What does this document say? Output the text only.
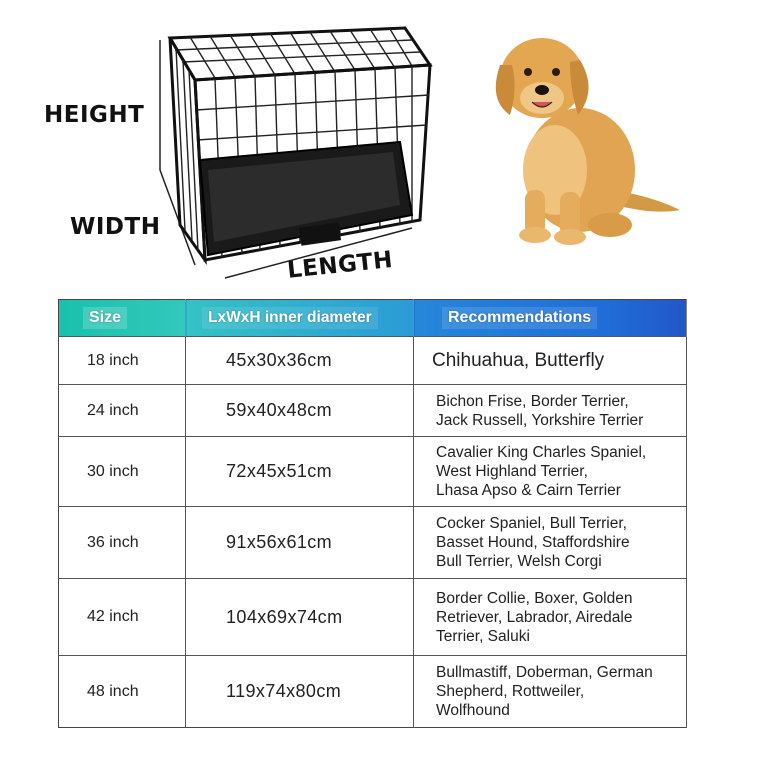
HEIGHT
WIDTH
LENGTH
Size	LxWxH inner diameter	Recommendations
18 inch	45x30x36cm	Chihuahua, Butterfly

24 inch	59x40x48cm	Bichon Frise, Border Terrier,
Jack Russell, Yorkshire Terrier

30 inch	72x45x51cm	Cavalier King Charles Spaniel,
West Highland Terrier,
Lhasa Apso & Cairn Terrier

36 inch	91x56x61cm	Cocker Spaniel, Bull Terrier,
Basset Hound, Staffordshire
Bull Terrier, Welsh Corgi

42 inch	104x69x74cm	Border Collie, Boxer, Golden
Retriever, Labrador, Airedale
Terrier, Saluki

48 inch	119x74x80cm	Bullmastiff, Doberman, German
Shepherd, Rottweiler,
Wolfhound
